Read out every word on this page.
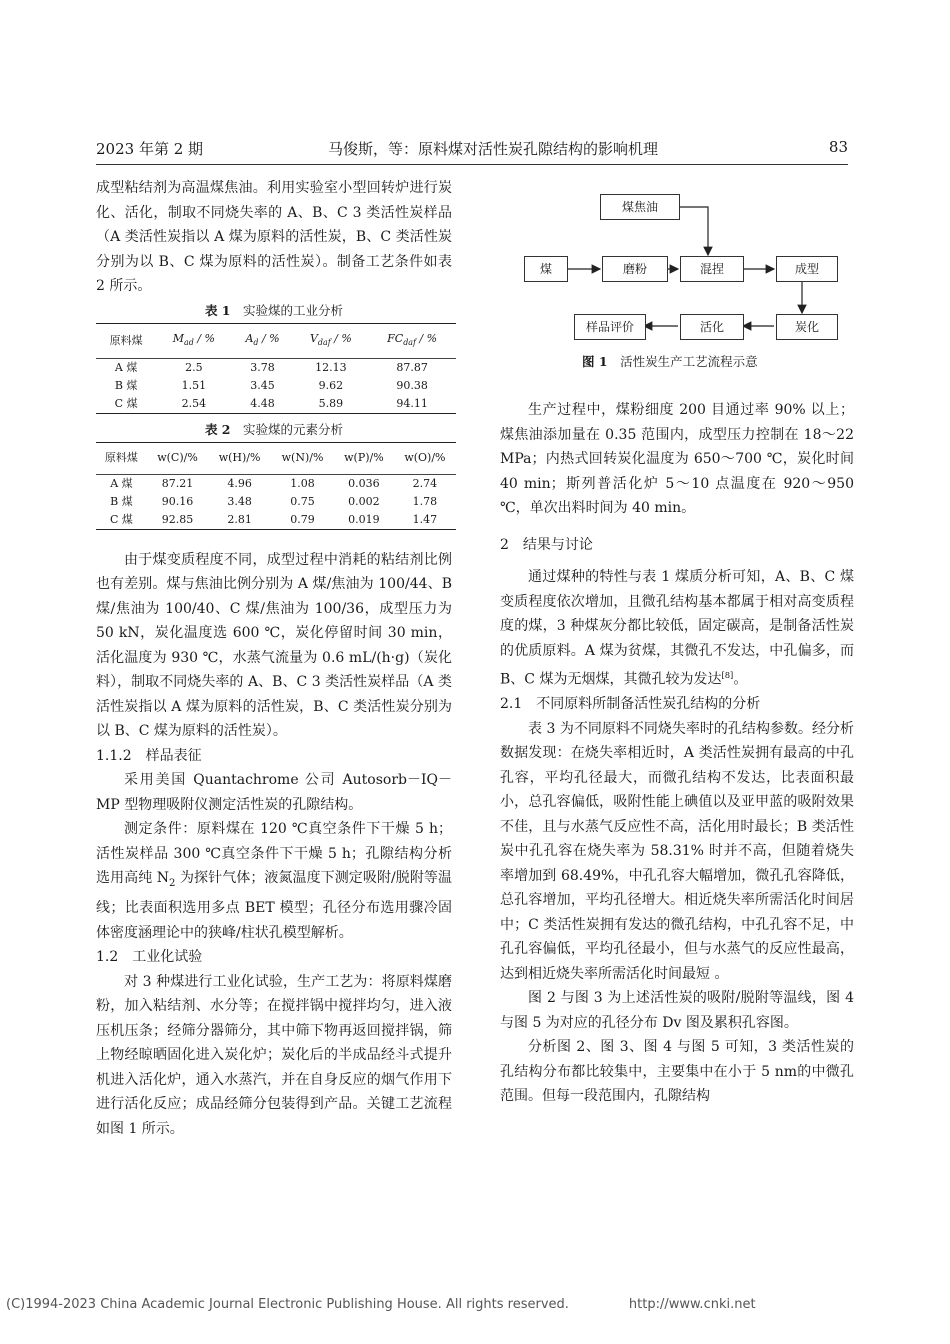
2023 年第 2 期	马俊斯，等：原料煤对活性炭孔隙结构的影响机理	83

成型粘结剂为高温煤焦油。利用实验室小型回转炉进行炭化、活化，制取不同烧失率的 A、B、C 3 类活性炭样品（A 类活性炭指以 A 煤为原料的活性炭，B、C 类活性炭分别为以 B、C 煤为原料的活性炭）。制备工艺条件如表 2 所示。

表 1　 实验煤的工业分析
原料煤	$M_{ad}$ / %	$A_d$ / %	$V_{daf}$ / %	$FC_{daf}$ / %
A 煤	2.5	3.78	12.13	87.87
B 煤	1.51	3.45	9.62	90.38
C 煤	2.54	4.48	5.89	94.11
表 2　 实验煤的元素分析
原料煤	w(C)/%	w(H)/%	w(N)/%	w(P)/%	w(O)/%
A 煤	87.21	4.96	1.08	0.036	2.74
B 煤	90.16	3.48	0.75	0.002	1.78
C 煤	92.85	2.81	0.79	0.019	1.47

由于煤变质程度不同，成型过程中消耗的粘结剂比例也有差别。煤与焦油比例分别为 A 煤/焦油为 100/44、B 煤/焦油为 100/40、C 煤/焦油为 100/36，成型压力为 50 kN，炭化温度选 600 ℃，炭化停留时间 30 min，活化温度为 930 ℃，水蒸气流量为 0.6 mL/(h·g)（炭化料），制取不同烧失率的 A、B、C 3 类活性炭样品（A 类活性炭指以 A 煤为原料的活性炭，B、C 类活性炭分别为以 B、C 煤为原料的活性炭）。

1.1.2　样品表征

采用美国 Quantachrome 公司 Autosorb－IQ－MP 型物理吸附仪测定活性炭的孔隙结构。

测定条件：原料煤在 120 ℃真空条件下干燥 5 h；活性炭样品 300 ℃真空条件下干燥 5 h；孔隙结构分析选用高纯 $N_2$ 为探针气体；液氮温度下测定吸附/脱附等温线；比表面积选用多点 BET 模型；孔径分布选用骤冷固体密度涵理论中的狭峰/柱状孔模型解析。

1.2　工业化试验

对 3 种煤进行工业化试验，生产工艺为：将原料煤磨粉，加入粘结剂、水分等；在搅拌锅中搅拌均匀，进入液压机压条；经筛分器筛分，其中筛下物再返回搅拌锅，筛上物经晾晒固化进入炭化炉；炭化后的半成品经斗式提升机进入活化炉，通入水蒸汽，并在自身反应的烟气作用下进行活化反应；成品经筛分包装得到产品。关键工艺流程如图 1 所示。

煤焦油
煤	磨粉	混捏	成型
炭化
活化
样品评价
图 1　 活性炭生产工艺流程示意

生产过程中，煤粉细度 200 目通过率 90% 以上；煤焦油添加量在 0.35 范围内，成型压力控制在 18～22 MPa；内热式回转炭化温度为 650～700 ℃，炭化时间 40 min；斯列普活化炉 5～10 点温度在 920～950 ℃，单次出料时间为 40 min。

2　结果与讨论

通过煤种的特性与表 1 煤质分析可知，A、B、C 煤变质程度依次增加，且微孔结构基本都属于相对高变质程度的煤，3 种煤灰分都比较低，固定碳高，是制备活性炭的优质原料。A 煤为贫煤，其微孔不发达，中孔偏多，而 B、C 煤为无烟煤，其微孔较为发达[8]。

2.1　不同原料所制备活性炭孔结构的分析

表 3 为不同原料不同烧失率时的孔结构参数。经分析数据发现：在烧失率相近时，A 类活性炭拥有最高的中孔孔容，平均孔径最大，而微孔结构不发达，比表面积最小，总孔容偏低，吸附性能上碘值以及亚甲蓝的吸附效果不佳，且与水蒸气反应性不高，活化用时最长；B 类活性炭中孔孔容在烧失率为 58.31% 时并不高，但随着烧失率增加到 68.49%，中孔孔容大幅增加，微孔孔容降低，总孔容增加，平均孔径增大。相近烧失率所需活化时间居中；C 类活性炭拥有发达的微孔结构，中孔孔容不足，中孔孔容偏低，平均孔径最小，但与水蒸气的反应性最高，达到相近烧失率所需活化时间最短 。

图 2 与图 3 为上述活性炭的吸附/脱附等温线，图 4 与图 5 为对应的孔径分布 Dv 图及累积孔容图。

分析图 2、图 3、图 4 与图 5 可知，3 类活性炭的孔结构分布都比较集中，主要集中在小于 5 nm的中微孔范围。但每一段范围内，孔隙结构

(C)1994-2023 China Academic Journal Electronic Publishing House. All rights reserved.	http://www.cnki.net
